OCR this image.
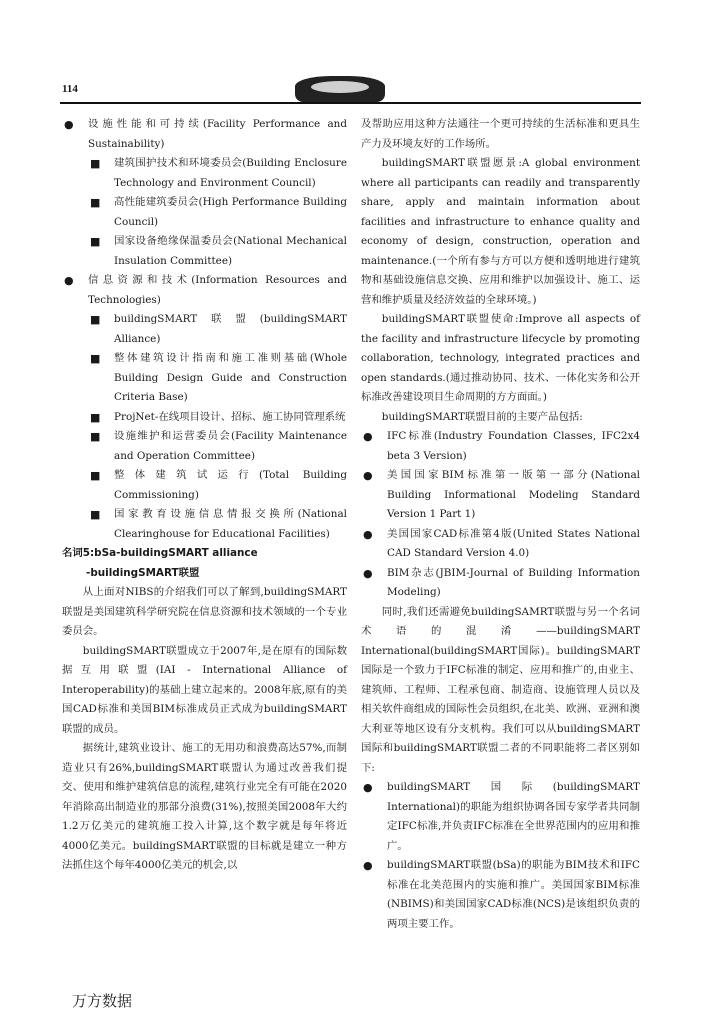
114
● 设施性能和可持续(Facility Performance and Sustainability)
■ 建筑围护技术和环境委员会(Building Enclosure Technology and Environment Council)
■ 高性能建筑委员会(High Performance Building Council)
■ 国家设备绝缘保温委员会(National Mechanical Insulation Committee)
● 信息资源和技术(Information Resources and Technologies)
■ buildingSMART联盟(buildingSMART Alliance)
■ 整体建筑设计指南和施工准则基础(Whole Building Design Guide and Construction Criteria Base)
■ ProjNet-在线项目设计、招标、施工协同管理系统
■ 设施维护和运营委员会(Facility Maintenance and Operation Committee)
■ 整体建筑试运行(Total Building Commissioning)
■ 国家教育设施信息情报交换所(National Clearinghouse for Educational Facilities)
名词5:bSa-buildingSMART alliance
-buildingSMART联盟
从上面对NIBS的介绍我们可以了解到,buildingSMART联盟是美国建筑科学研究院在信息资源和技术领域的一个专业委员会。
buildingSMART联盟成立于2007年,是在原有的国际数据互用联盟(IAI - International Alliance of Interoperability)的基础上建立起来的。2008年底,原有的美国CAD标准和美国BIM标准成员正式成为buildingSMART联盟的成员。
据统计,建筑业设计、施工的无用功和浪费高达57%,而制造业只有26%,buildingSMART联盟认为通过改善我们提交、使用和维护建筑信息的流程,建筑行业完全有可能在2020年消除高出制造业的那部分浪费(31%),按照美国2008年大约1.2万亿美元的建筑施工投入计算,这个数字就是每年将近4000亿美元。buildingSMART联盟的目标就是建立一种方法抓住这个每年4000亿美元的机会,以
及帮助应用这种方法通往一个更可持续的生活标准和更具生产力及环境友好的工作场所。
buildingSMART联盟愿景:A global environment where all participants can readily and transparently share, apply and maintain information about facilities and infrastructure to enhance quality and economy of design, construction, operation and maintenance.(一个所有参与方可以方便和透明地进行建筑物和基础设施信息交换、应用和维护以加强设计、施工、运营和维护质量及经济效益的全球环境。)
buildingSMART联盟使命:Improve all aspects of the facility and infrastructure lifecycle by promoting collaboration, technology, integrated practices and open standards.(通过推动协同、技术、一体化实务和公开标准改善建设项目生命周期的方方面面。)
buildingSMART联盟目前的主要产品包括:
● IFC标准(Industry Foundation Classes, IFC2x4 beta 3 Version)
● 美国国家BIM标准第一版第一部分(National Building Informational Modeling Standard Version 1 Part 1)
● 美国国家CAD标准第4版(United States National CAD Standard Version 4.0)
● BIM杂志(JBIM-Journal of Building Information Modeling)
同时,我们还需避免buildingSAMRT联盟与另一个名词术语的混淆——buildingSMART International(buildingSMART国际)。buildingSMART国际是一个致力于IFC标准的制定、应用和推广的,由业主、建筑师、工程师、工程承包商、制造商、设施管理人员以及相关软件商组成的国际性会员组织,在北美、欧洲、亚洲和澳大利亚等地区设有分支机构。我们可以从buildingSMART国际和buildingSMART联盟二者的不同职能将二者区别如下:
● buildingSMART国际(buildingSMART International)的职能为组织协调各国专家学者共同制定IFC标准,并负责IFC标准在全世界范围内的应用和推广。
● buildingSMART联盟(bSa)的职能为BIM技术和IFC标准在北美范围内的实施和推广。美国国家BIM标准(NBIMS)和美国国家CAD标准(NCS)是该组织负责的两项主要工作。
万方数据
